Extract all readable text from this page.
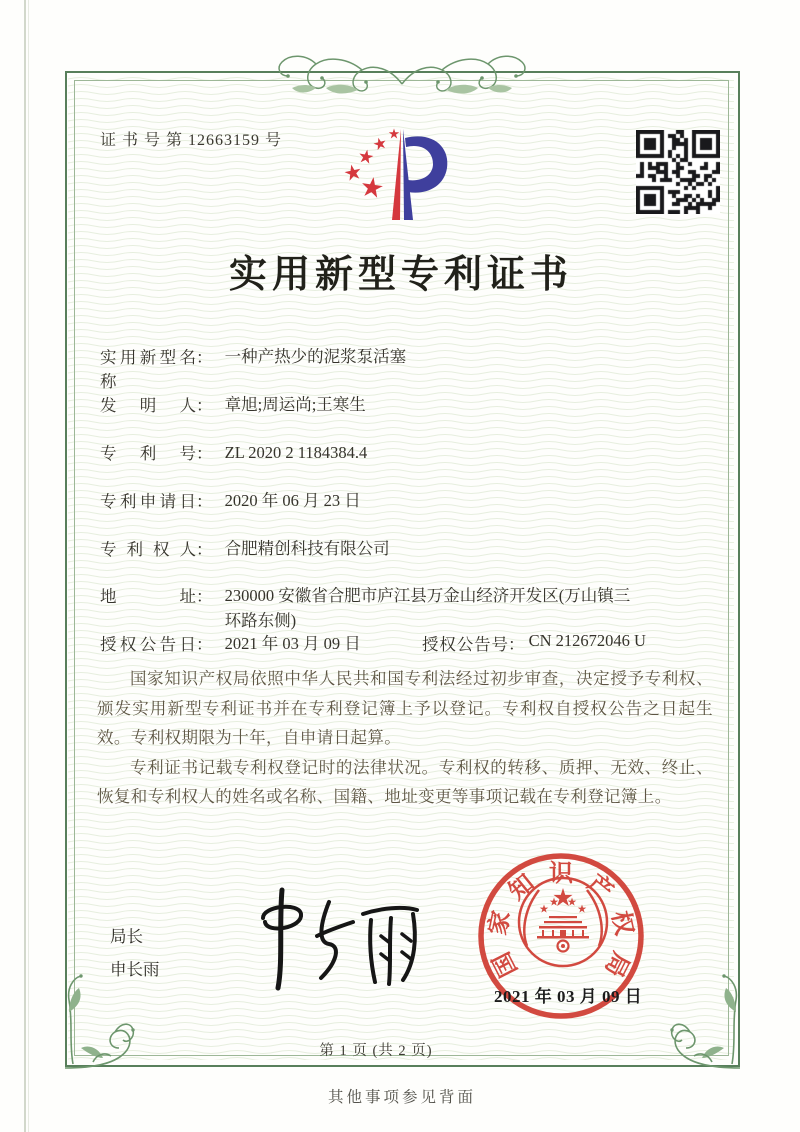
证 书 号 第 12663159 号
实用新型专利证书
实用新型名称： 一种产热少的泥浆泵活塞
发明人： 章旭;周运尚;王寒生
专利号： ZL 2020 2 1184384.4
专利申请日： 2020 年 06 月 23 日
专利权人： 合肥精创科技有限公司
地址： 230000 安徽省合肥市庐江县万金山经济开发区(万山镇三环路东侧)
授权公告日： 2021 年 03 月 09 日	授权公告号： CN 212672046 U

国家知识产权局依照中华人民共和国专利法经过初步审查，决定授予专利权、颁发实用新型专利证书并在专利登记簿上予以登记。专利权自授权公告之日起生效。专利权期限为十年，自申请日起算。

专利证书记载专利权登记时的法律状况。专利权的转移、质押、无效、终止、恢复和专利权人的姓名或名称、国籍、地址变更等事项记载在专利登记簿上。

局长
申长雨	国
家
知 识 产
权
局
2021 年 03 月 09 日
第 1 页 (共 2 页)
其他事项参见背面
